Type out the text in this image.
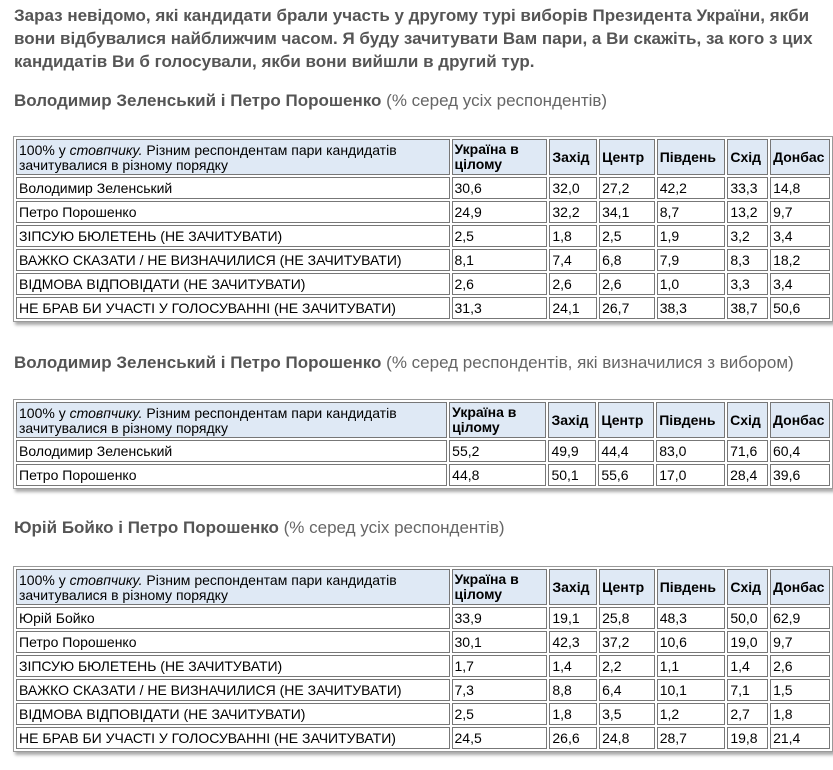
Зараз невідомо, які кандидати брали участь у другому турі виборів Президента України, якби вони відбувалися найближчим часом. Я буду зачитувати Вам пари, а Ви скажіть, за кого з цих кандидатів Ви б голосували, якби вони вийшли в другий тур.

Володимир Зеленський і Петро Порошенко (% серед усіх респондентів)

100% у стовпчику. Різним респондентам пари кандидатів зачитувалися в різному порядку	Україна в цілому	Захід	Центр	Південь	Схід	Донбас
Володимир Зеленський	30,6	32,0	27,2	42,2	33,3	14,8
Петро Порошенко	24,9	32,2	34,1	8,7	13,2	9,7
ЗІПСУЮ БЮЛЕТЕНЬ (НЕ ЗАЧИТУВАТИ)	2,5	1,8	2,5	1,9	3,2	3,4
ВАЖКО СКАЗАТИ / НЕ ВИЗНАЧИЛИСЯ (НЕ ЗАЧИТУВАТИ)	8,1	7,4	6,8	7,9	8,3	18,2
ВІДМОВА ВІДПОВІДАТИ (НЕ ЗАЧИТУВАТИ)	2,6	2,6	2,6	1,0	3,3	3,4
НЕ БРАВ БИ УЧАСТІ У ГОЛОСУВАННІ (НЕ ЗАЧИТУВАТИ)	31,3	24,1	26,7	38,3	38,7	50,6

Володимир Зеленський і Петро Порошенко (% серед респондентів, які визначилися з вибором)

100% у стовпчику. Різним респондентам пари кандидатів зачитувалися в різному порядку	Україна в цілому	Захід	Центр	Південь	Схід	Донбас
Володимир Зеленський	55,2	49,9	44,4	83,0	71,6	60,4
Петро Порошенко	44,8	50,1	55,6	17,0	28,4	39,6

Юрій Бойко і Петро Порошенко (% серед усіх респондентів)

100% у стовпчику. Різним респондентам пари кандидатів зачитувалися в різному порядку	Україна в цілому	Захід	Центр	Південь	Схід	Донбас
Юрій Бойко	33,9	19,1	25,8	48,3	50,0	62,9
Петро Порошенко	30,1	42,3	37,2	10,6	19,0	9,7
ЗІПСУЮ БЮЛЕТЕНЬ (НЕ ЗАЧИТУВАТИ)	1,7	1,4	2,2	1,1	1,4	2,6
ВАЖКО СКАЗАТИ / НЕ ВИЗНАЧИЛИСЯ (НЕ ЗАЧИТУВАТИ)	7,3	8,8	6,4	10,1	7,1	1,5
ВІДМОВА ВІДПОВІДАТИ (НЕ ЗАЧИТУВАТИ)	2,5	1,8	3,5	1,2	2,7	1,8
НЕ БРАВ БИ УЧАСТІ У ГОЛОСУВАННІ (НЕ ЗАЧИТУВАТИ)	24,5	26,6	24,8	28,7	19,8	21,4
